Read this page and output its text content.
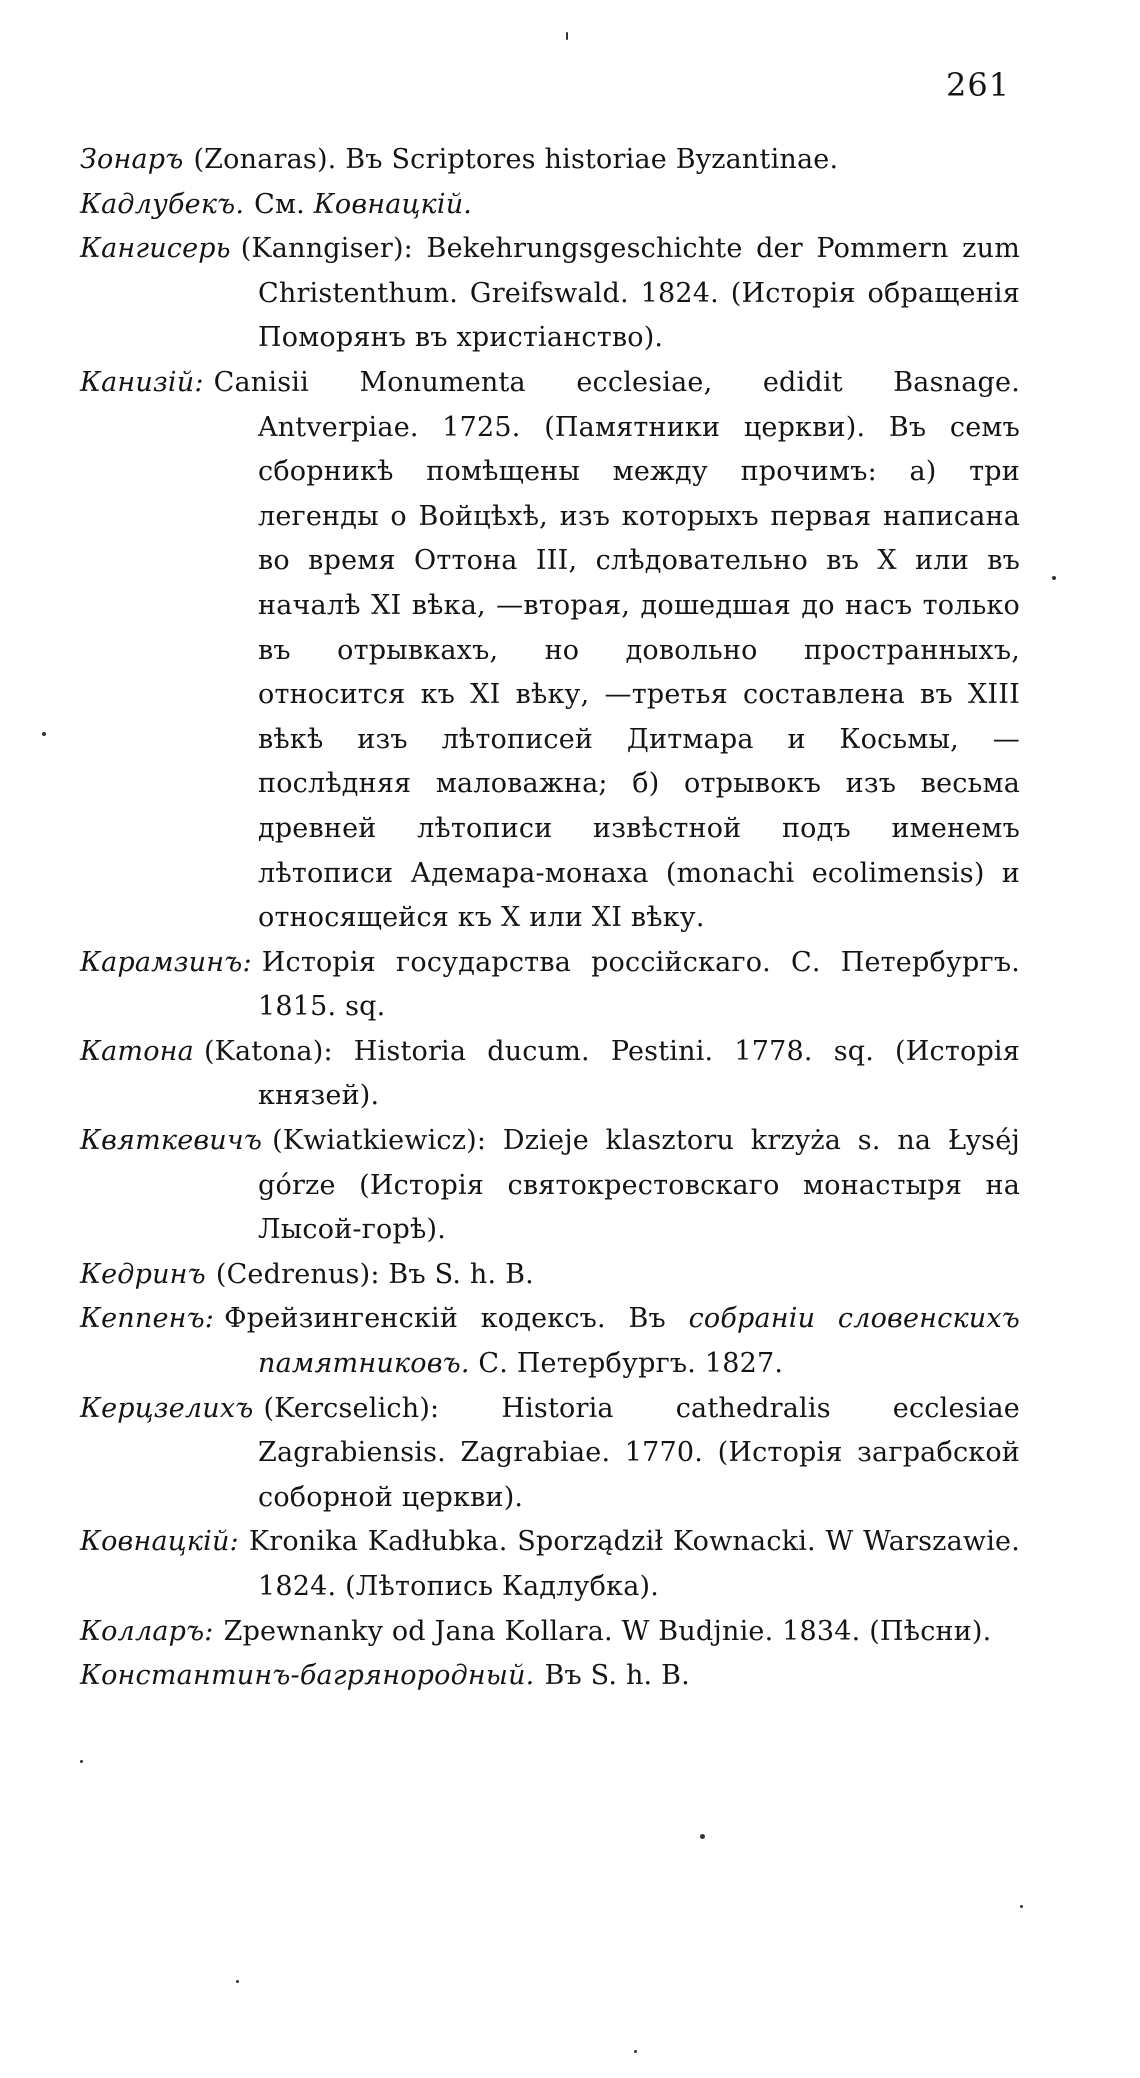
261

Зонаръ (Zonaras). Въ Scriptores historiae Byzantinae.

Кадлубекъ. См. Ковнацкій.

Кангисерь (Kanngiser): Bekehrungsgeschichte der Pommern zum Christenthum. Greifswald. 1824. (Исторія обращенія Поморянъ въ христіанство).

Канизій: Canisii Monumenta ecclesiae, edidit Basnage. Antverpiae. 1725. (Памятники церкви). Въ семъ сборникѣ помѣщены между прочимъ: а) три легенды о Войцѣхѣ, изъ которыхъ первая написана во время Оттона III, слѣдовательно въ X или въ началѣ XI вѣка, —вторая, дошедшая до насъ только въ отрывкахъ, но довольно пространныхъ, относится къ XI вѣку, —третья составлена въ XIII вѣкѣ изъ лѣтописей Дитмара и Косьмы, —послѣдняя маловажна; б) отрывокъ изъ весьма древней лѣтописи извѣстной подъ именемъ лѣтописи Адемара-монаха (monachi ecolimensis) и относящейся къ X или XI вѣку.

Карамзинъ: Исторія государства россійскаго. С. Петербургъ. 1815. sq.

Катона (Katona): Historia ducum. Pestini. 1778. sq. (Исторія князей).

Квяткевичъ (Kwiatkiewicz): Dzieje klasztoru krzyża s. na Łyséj górze (Исторія святокрестовскаго монастыря на Лысой-горѣ).

Кедринъ (Cedrenus): Въ S. h. B.

Кеппенъ: Фрейзингенскій кодексъ. Въ собраніи словенскихъ памятниковъ. С. Петербургъ. 1827.

Керцзелихъ (Kercselich): Historia cathedralis ecclesiae Zagrabiensis. Zagrabiae. 1770. (Исторія заграбской соборной церкви).

Ковнацкій: Kronika Kadłubka. Sporządził Kownacki. W Warszawie. 1824. (Лѣтопись Кадлубка).

Колларъ: Zpewnanky od Jana Kollara. W Budjnie. 1834. (Пѣсни).

Константинъ-багрянородный. Въ S. h. B.
